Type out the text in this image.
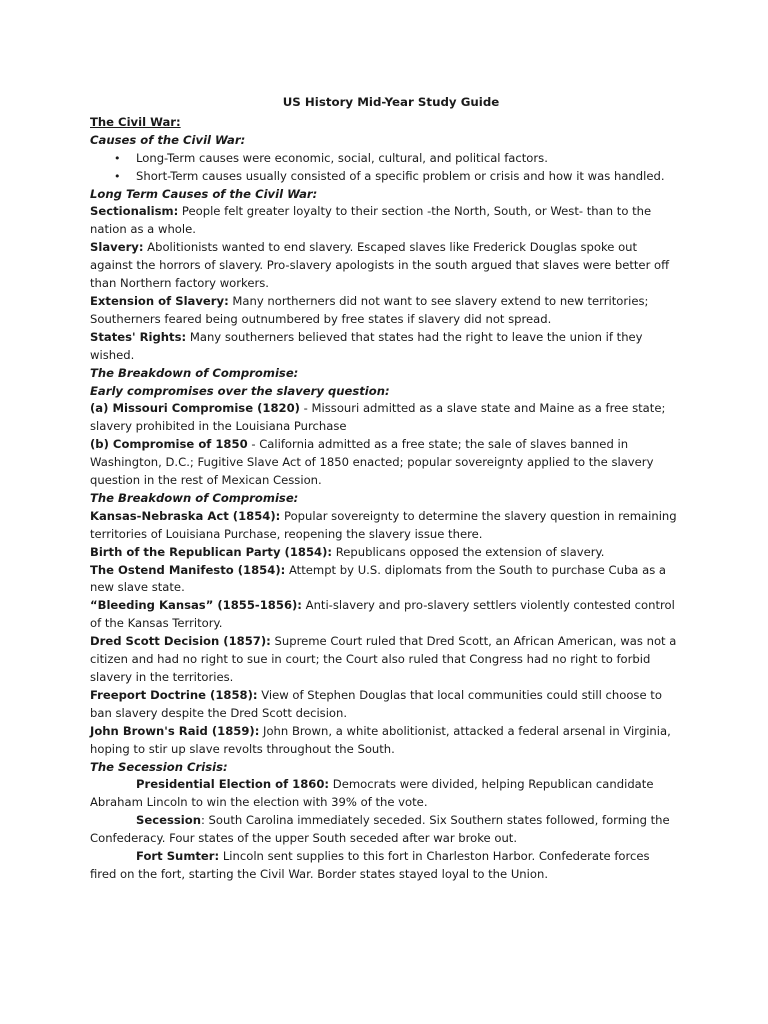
US History Mid-Year Study Guide
The Civil War:
Causes of the Civil War:
• Long-Term causes were economic, social, cultural, and political factors.
• Short-Term causes usually consisted of a specific problem or crisis and how it was handled.
Long Term Causes of the Civil War:

Sectionalism: People felt greater loyalty to their section -the North, South, or West- than to the nation as a whole.

Slavery: Abolitionists wanted to end slavery. Escaped slaves like Frederick Douglas spoke out against the horrors of slavery. Pro-slavery apologists in the south argued that slaves were better off than Northern factory workers.

Extension of Slavery: Many northerners did not want to see slavery extend to new territories; Southerners feared being outnumbered by free states if slavery did not spread.

States' Rights: Many southerners believed that states had the right to leave the union if they wished.

The Breakdown of Compromise:
Early compromises over the slavery question:

(a) Missouri Compromise (1820) - Missouri admitted as a slave state and Maine as a free state; slavery prohibited in the Louisiana Purchase

(b) Compromise of 1850 - California admitted as a free state; the sale of slaves banned in Washington, D.C.; Fugitive Slave Act of 1850 enacted; popular sovereignty applied to the slavery question in the rest of Mexican Cession.

The Breakdown of Compromise:

Kansas-Nebraska Act (1854): Popular sovereignty to determine the slavery question in remaining territories of Louisiana Purchase, reopening the slavery issue there.

Birth of the Republican Party (1854): Republicans opposed the extension of slavery.

The Ostend Manifesto (1854): Attempt by U.S. diplomats from the South to purchase Cuba as a new slave state.

“Bleeding Kansas” (1855-1856): Anti-slavery and pro-slavery settlers violently contested control of the Kansas Territory.

Dred Scott Decision (1857): Supreme Court ruled that Dred Scott, an African American, was not a citizen and had no right to sue in court; the Court also ruled that Congress had no right to forbid slavery in the territories.

Freeport Doctrine (1858): View of Stephen Douglas that local communities could still choose to ban slavery despite the Dred Scott decision.

John Brown's Raid (1859): John Brown, a white abolitionist, attacked a federal arsenal in Virginia, hoping to stir up slave revolts throughout the South.

The Secession Crisis:

Presidential Election of 1860: Democrats were divided, helping Republican candidate Abraham Lincoln to win the election with 39% of the vote.

Secession: South Carolina immediately seceded. Six Southern states followed, forming the Confederacy. Four states of the upper South seceded after war broke out.

Fort Sumter: Lincoln sent supplies to this fort in Charleston Harbor. Confederate forces fired on the fort, starting the Civil War. Border states stayed loyal to the Union.
